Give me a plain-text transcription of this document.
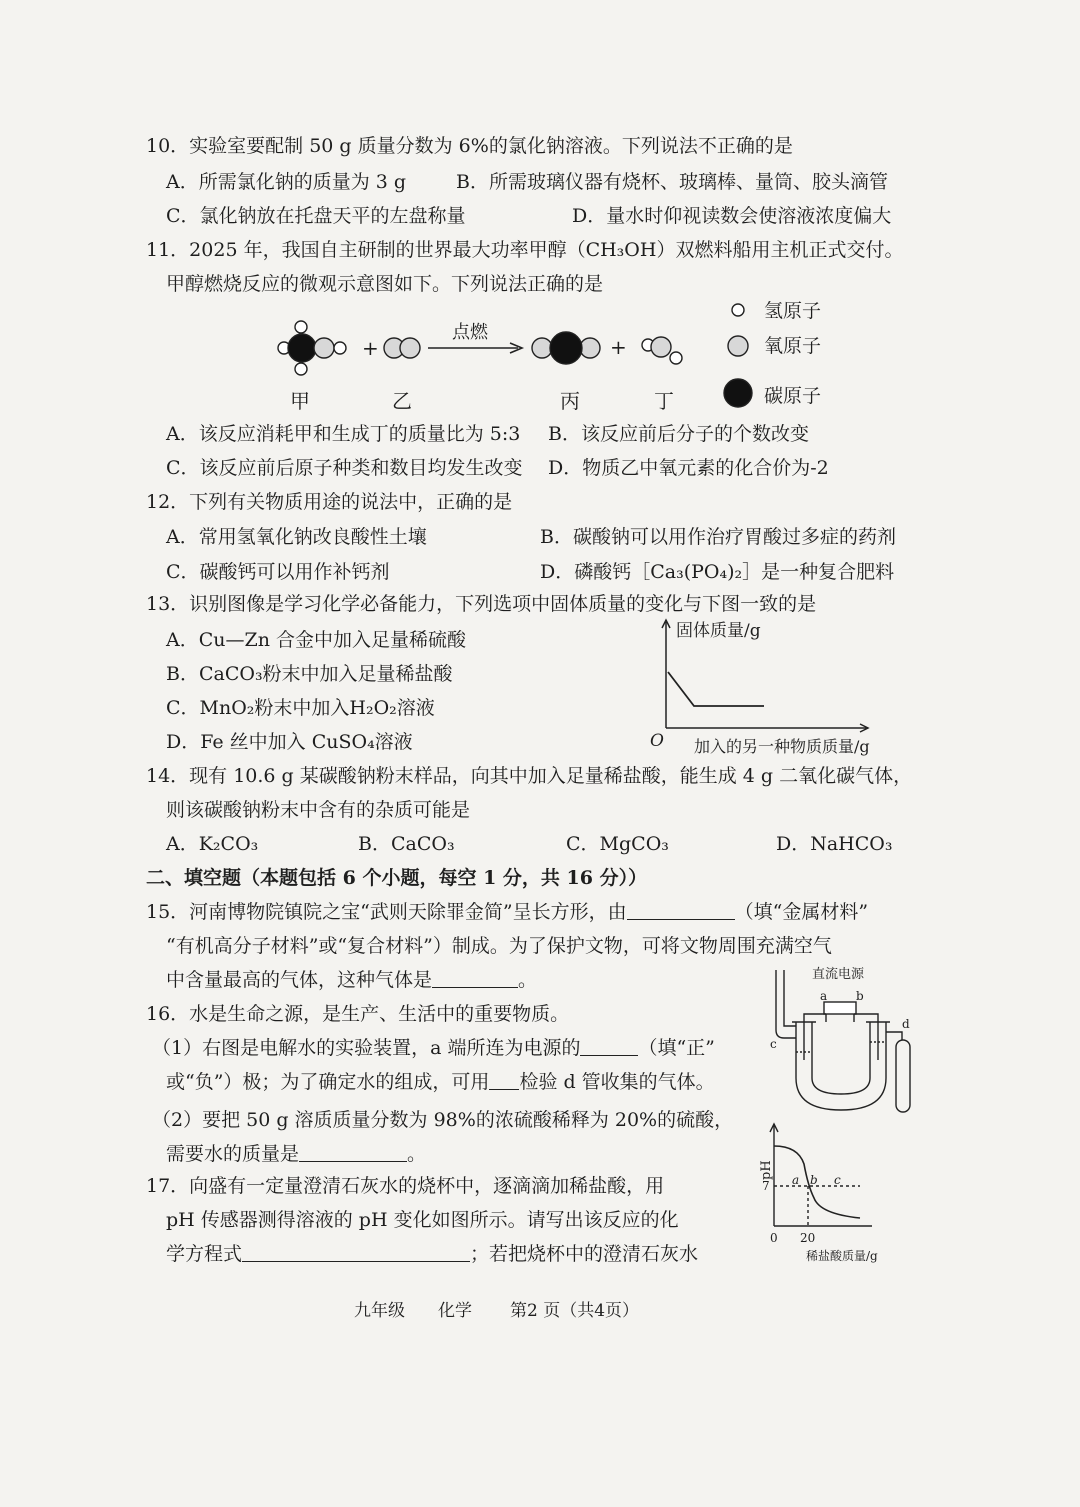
10．实验室要配制 50 g 质量分数为 6%的氯化钠溶液。下列说法不正确的是
A．所需氯化钠的质量为 3 g	B．所需玻璃仪器有烧杯、玻璃棒、量筒、胶头滴管
C．氯化钠放在托盘天平的左盘称量	D．量水时仰视读数会使溶液浓度偏大
11．2025 年，我国自主研制的世界最大功率甲醇（CH₃OH）双燃料船用主机正式交付。
甲醇燃烧反应的微观示意图如下。下列说法正确的是
+
点燃
+
甲	乙	丙	丁
氢原子
氧原子
碳原子
A．该反应消耗甲和生成丁的质量比为 5:3 B．该反应前后分子的个数改变
C．该反应前后原子种类和数目均发生改变 D．物质乙中氧元素的化合价为-2
12．下列有关物质用途的说法中，正确的是
A．常用氢氧化钠改良酸性土壤	B．碳酸钠可以用作治疗胃酸过多症的药剂
C．碳酸钙可以用作补钙剂	D．磷酸钙［Ca₃(PO₄)₂］是一种复合肥料
13．识别图像是学习化学必备能力，下列选项中固体质量的变化与下图一致的是
A．Cu—Zn 合金中加入足量稀硫酸
B．CaCO₃粉末中加入足量稀盐酸
C．MnO₂粉末中加入H₂O₂溶液
D．Fe 丝中加入 CuSO₄溶液
固体质量/g
O 加入的另一种物质质量/g
14．现有 10.6 g 某碳酸钠粉末样品，向其中加入足量稀盐酸，能生成 4 g 二氧化碳气体，
则该碳酸钠粉末中含有的杂质可能是
A．K₂CO₃	B．CaCO₃	C．MgCO₃	D．NaHCO₃
二、填空题（本题包括 6 个小题，每空 1 分，共 16 分））
15．河南博物院镇院之宝“武则天除罪金简”呈长方形，由	（填“金属材料”
“有机高分子材料”或“复合材料”）制成。为了保护文物，可将文物周围充满空气
中含量最高的气体，这种气体是	。
16．水是生命之源，是生产、生活中的重要物质。
（1）右图是电解水的实验装置，a 端所连为电源的	（填“正”
或“负”）极；为了确定水的组成，可用 检验 d 管收集的气体。
（2）要把 50 g 溶质质量分数为 98%的浓硫酸稀释为 20%的硫酸，
需要水的质量是	。
直流电源
a b
c
d
17．向盛有一定量澄清石灰水的烧杯中，逐滴滴加稀盐酸，用
pH 传感器测得溶液的 pH 变化如图所示。请写出该反应的化
学方程式	；若把烧杯中的澄清石灰水
pH
7 a b c
0 20
稀盐酸质量/g
九年级 化学 第2 页（共4页）
